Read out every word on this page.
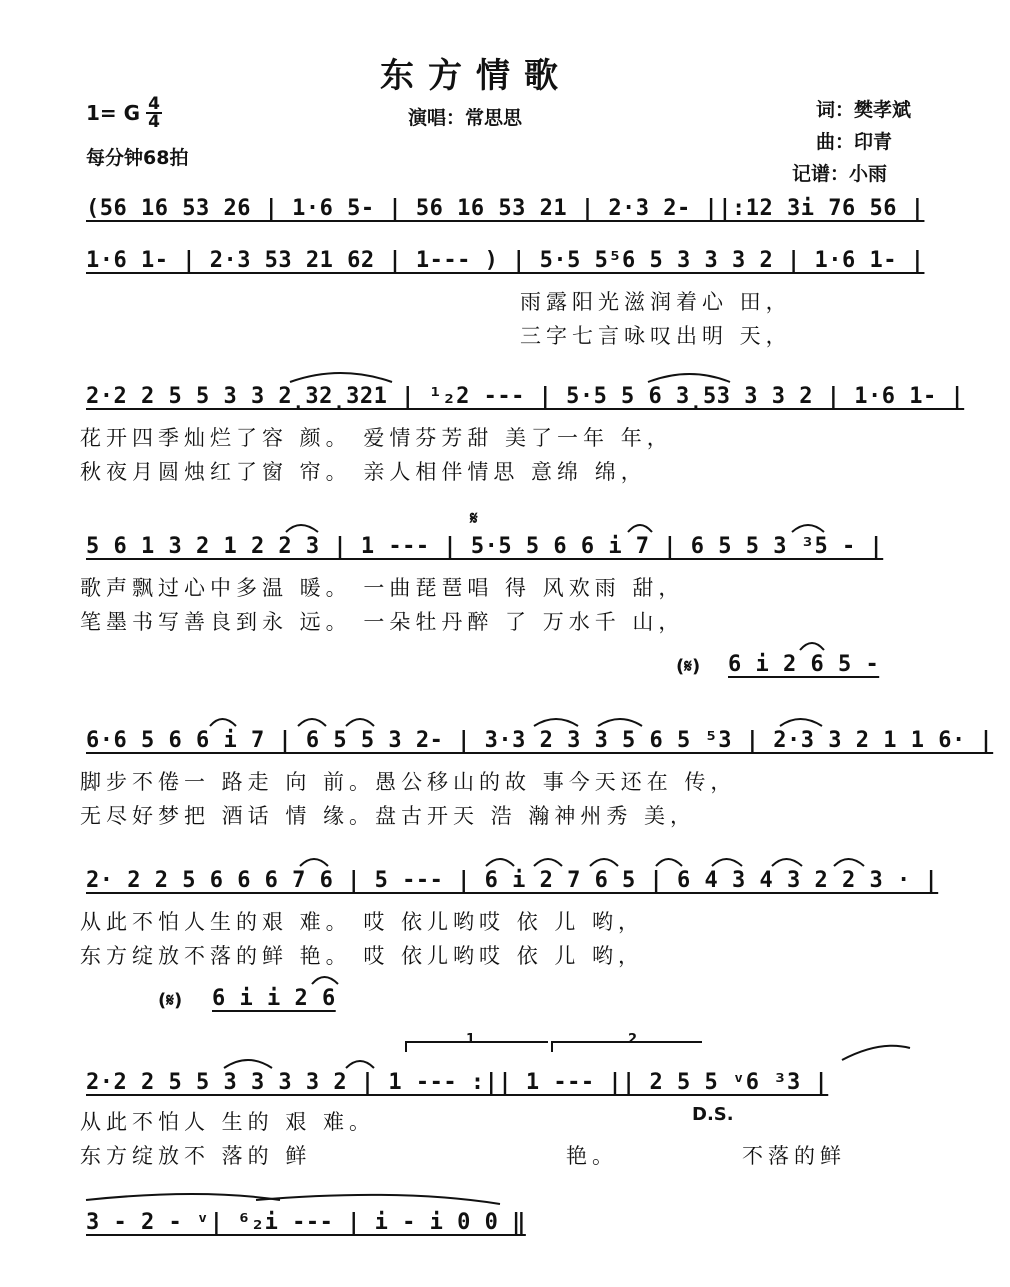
东方情歌
1= G $\frac{4}{4}$
每分钟68拍
演唱：常思思	词：樊孝斌
曲：印青
记谱：小雨
(56 16 53 26 | 1·6 5- | 56 16 53 21 | 2·3 2- ||:12 3i 76 56 |
1·6 1- | 2·3 53 21 62 | 1--- ) | 5·5 5⁵6 5 3 3 3 2 | 1·6 1- |
雨露阳光滋润着心 田，
三字七言咏叹出明 天，
2·2 2 5 5 3 3 2̣32̣321 | ¹₂2 --- | 5·5 5 6 3̣53 3 3 2 | 1·6 1- |
花开四季灿烂了容 颜。 爱情芬芳甜 美了一年 年，
秋夜月圆烛红了窗 帘。 亲人相伴情思 意绵 绵，
𝄋
5 6 1 3 2 1 2 2 3 | 1 --- | 5·5 5 6 6 i 7 | 6 5 5 3 ³5 - |
歌声飘过心中多温 暖。 一曲琵琶唱 得 风欢雨 甜，
笔墨书写善良到永 远。 一朵牡丹醉 了 万水千 山，
(𝄋) 6 i 2 6 5 -
6·6 5 6 6 i 7 | 6 5 5 3 2- | 3·3 2 3 3 5 6 5 ⁵3 | 2·3 3 2 1 1 6· |
脚步不倦一 路走 向 前。愚公移山的故 事今天还在 传，
无尽好梦把 酒话 情 缘。盘古开天 浩 瀚神州秀 美，
2· 2 2 5 6 6 6 7 6 | 5 --- | 6 i 2 7 6 5 | 6 4 3 4 3 2 2 3 · |
从此不怕人生的艰 难。 哎 依儿哟哎 依 儿 哟，
东方绽放不落的鲜 艳。 哎 依儿哟哎 依 儿 哟，
(𝄋) 6 i i 2 6
1	2
2·2 2 5 5 3 3 3 3 2 | 1 --- :|| 1 --- || 2 5 5 ᵛ6 ³3 |
从此不怕人 生的 艰 难。	D.S.
东方绽放不 落的 鲜	艳。	不落的鲜
3 - 2 - ᵛ| ⁶₂i --- | i - i 0 0 ‖
